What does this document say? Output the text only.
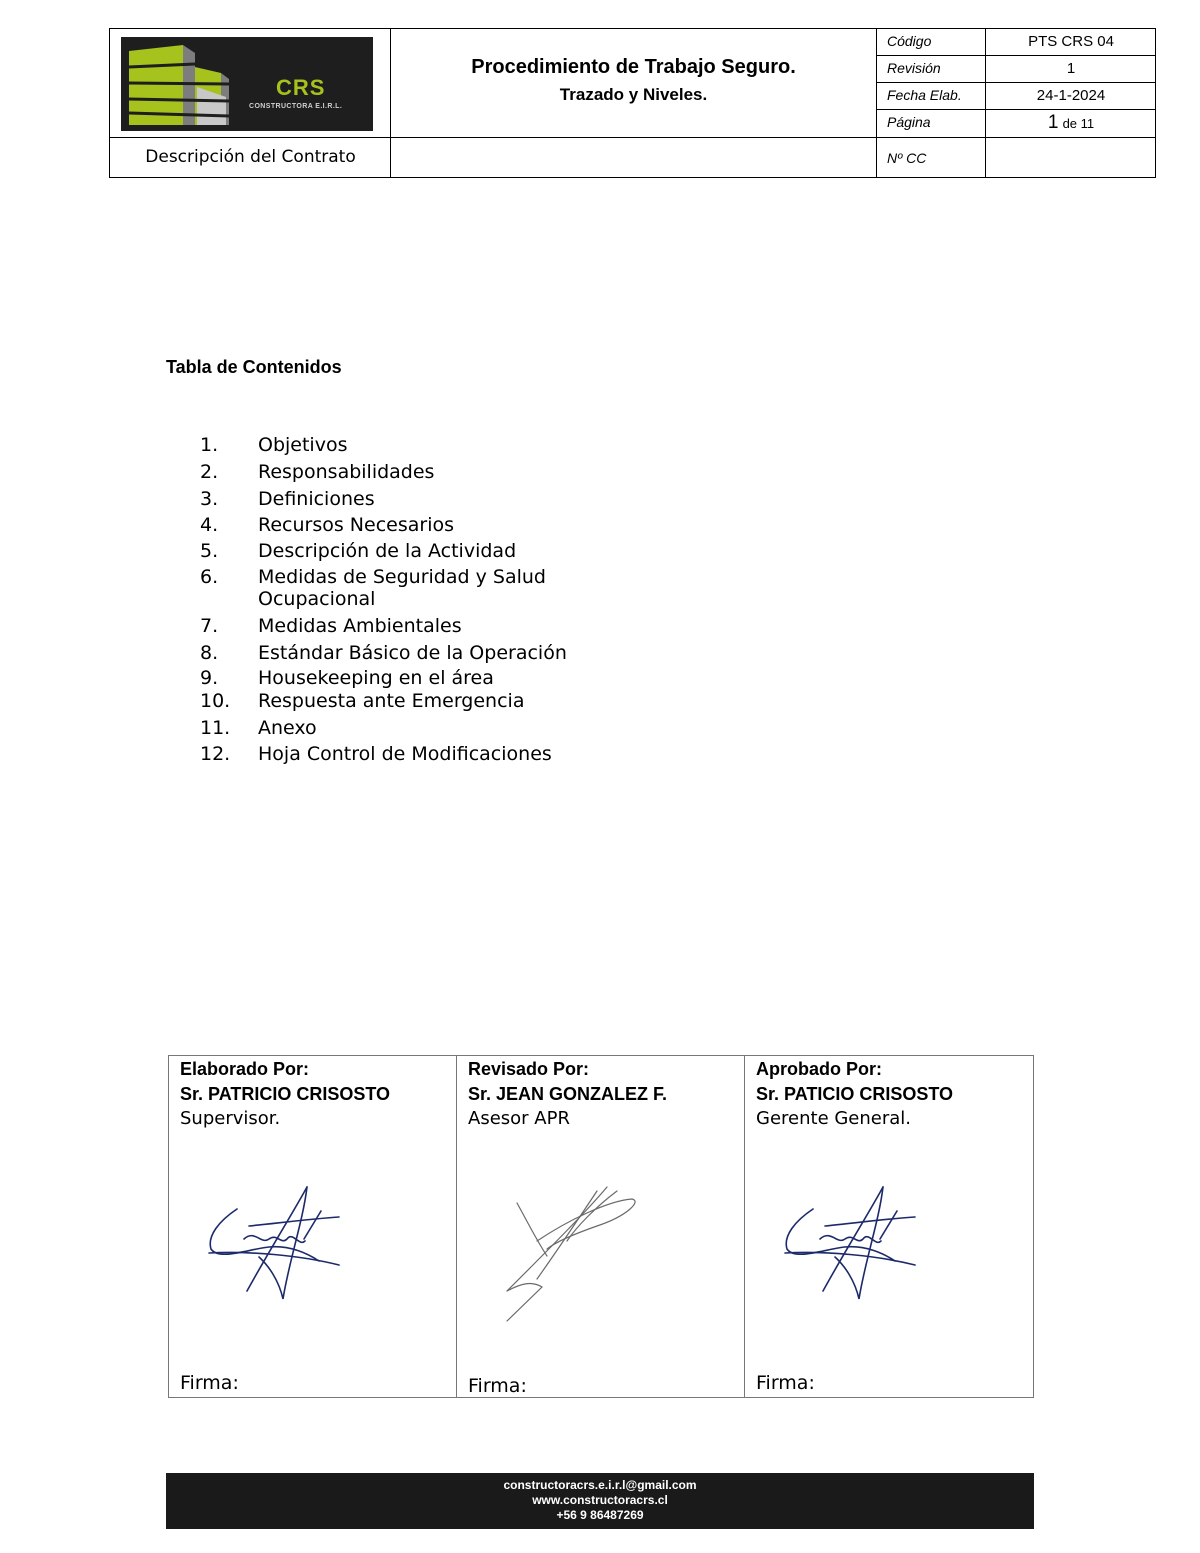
CRS
CONSTRUCTORA E.I.R.L.
Procedimiento de Trabajo Seguro.
Trazado y Niveles.
Código	PTS CRS 04
Revisión	1
Fecha Elab.	24-1-2024
Página	1 de 11
Descripción del Contrato	Nº CC
Tabla de Contenidos
1. Objetivos
2. Responsabilidades
3. Definiciones
4. Recursos Necesarios
5. Descripción de la Actividad
6. Medidas de Seguridad y Salud
Ocupacional
7. Medidas Ambientales
8. Estándar Básico de la Operación
9. Housekeeping en el área
10. Respuesta ante Emergencia
11. Anexo
12. Hoja Control de Modificaciones
Elaborado Por:
Sr. PATRICIO CRISOSTO
Supervisor.
Firma:
Revisado Por:
Sr. JEAN GONZALEZ F.
Asesor APR
Firma:
Aprobado Por:
Sr. PATICIO CRISOSTO
Gerente General.
Firma:
constructoracrs.e.i.r.l@gmail.com
www.constructoracrs.cl
+56 9 86487269
